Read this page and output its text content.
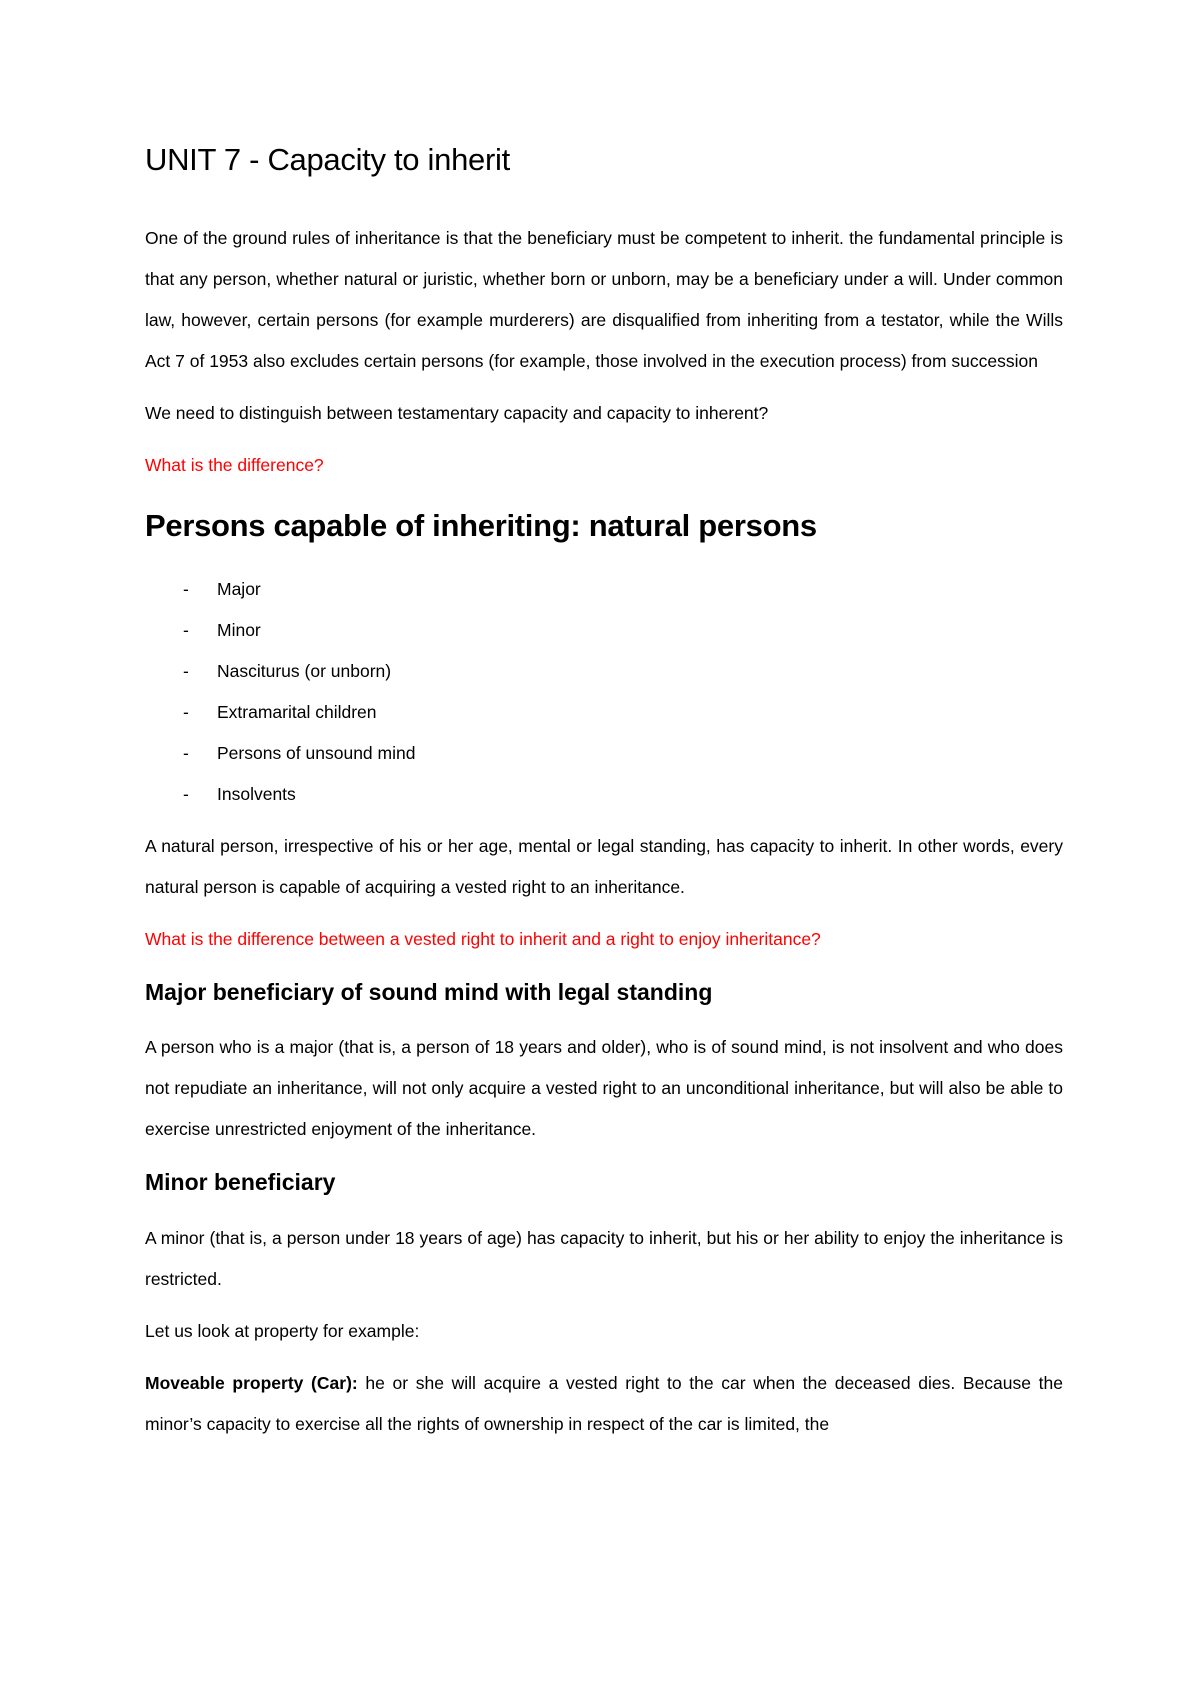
UNIT 7 - Capacity to inherit

One of the ground rules of inheritance is that the beneficiary must be competent to inherit. the fundamental principle is that any person, whether natural or juristic, whether born or unborn, may be a beneficiary under a will. Under common law, however, certain persons (for example murderers) are disqualified from inheriting from a testator, while the Wills Act 7 of 1953 also excludes certain persons (for example, those involved in the execution process) from succession

We need to distinguish between testamentary capacity and capacity to inherent?

What is the difference?

Persons capable of inheriting: natural persons
- Major
- Minor
- Nasciturus (or unborn)
- Extramarital children
- Persons of unsound mind
- Insolvents

A natural person, irrespective of his or her age, mental or legal standing, has capacity to inherit. In other words, every natural person is capable of acquiring a vested right to an inheritance.

What is the difference between a vested right to inherit and a right to enjoy inheritance?

Major beneficiary of sound mind with legal standing

A person who is a major (that is, a person of 18 years and older), who is of sound mind, is not insolvent and who does not repudiate an inheritance, will not only acquire a vested right to an unconditional inheritance, but will also be able to exercise unrestricted enjoyment of the inheritance.

Minor beneficiary

A minor (that is, a person under 18 years of age) has capacity to inherit, but his or her ability to enjoy the inheritance is restricted.

Let us look at property for example:

Moveable property (Car): he or she will acquire a vested right to the car when the deceased dies. Because the minor’s capacity to exercise all the rights of ownership in respect of the car is limited, the
